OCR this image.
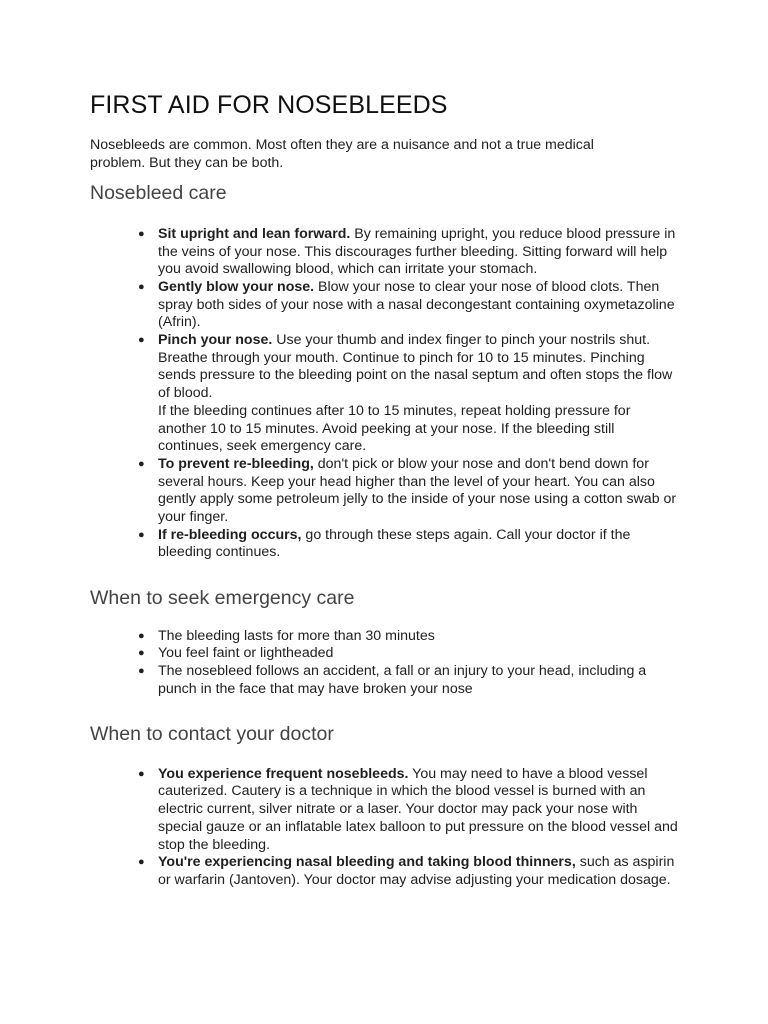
FIRST AID FOR NOSEBLEEDS

Nosebleeds are common. Most often they are a nuisance and not a true medical problem. But they can be both.

Nosebleed care
● Sit upright and lean forward. By remaining upright, you reduce blood pressure in the veins of your nose. This discourages further bleeding. Sitting forward will help you avoid swallowing blood, which can irritate your stomach.
● Gently blow your nose. Blow your nose to clear your nose of blood clots. Then spray both sides of your nose with a nasal decongestant containing oxymetazoline (Afrin).
● Pinch your nose. Use your thumb and index finger to pinch your nostrils shut. Breathe through your mouth. Continue to pinch for 10 to 15 minutes. Pinching sends pressure to the bleeding point on the nasal septum and often stops the flow of blood.
If the bleeding continues after 10 to 15 minutes, repeat holding pressure for another 10 to 15 minutes. Avoid peeking at your nose. If the bleeding still continues, seek emergency care.
● To prevent re-bleeding, don't pick or blow your nose and don't bend down for several hours. Keep your head higher than the level of your heart. You can also gently apply some petroleum jelly to the inside of your nose using a cotton swab or your finger.
● If re-bleeding occurs, go through these steps again. Call your doctor if the bleeding continues.
When to seek emergency care
● The bleeding lasts for more than 30 minutes
● You feel faint or lightheaded
● The nosebleed follows an accident, a fall or an injury to your head, including a punch in the face that may have broken your nose
When to contact your doctor
● You experience frequent nosebleeds. You may need to have a blood vessel cauterized. Cautery is a technique in which the blood vessel is burned with an electric current, silver nitrate or a laser. Your doctor may pack your nose with special gauze or an inflatable latex balloon to put pressure on the blood vessel and stop the bleeding.
● You're experiencing nasal bleeding and taking blood thinners, such as aspirin or warfarin (Jantoven). Your doctor may advise adjusting your medication dosage.
